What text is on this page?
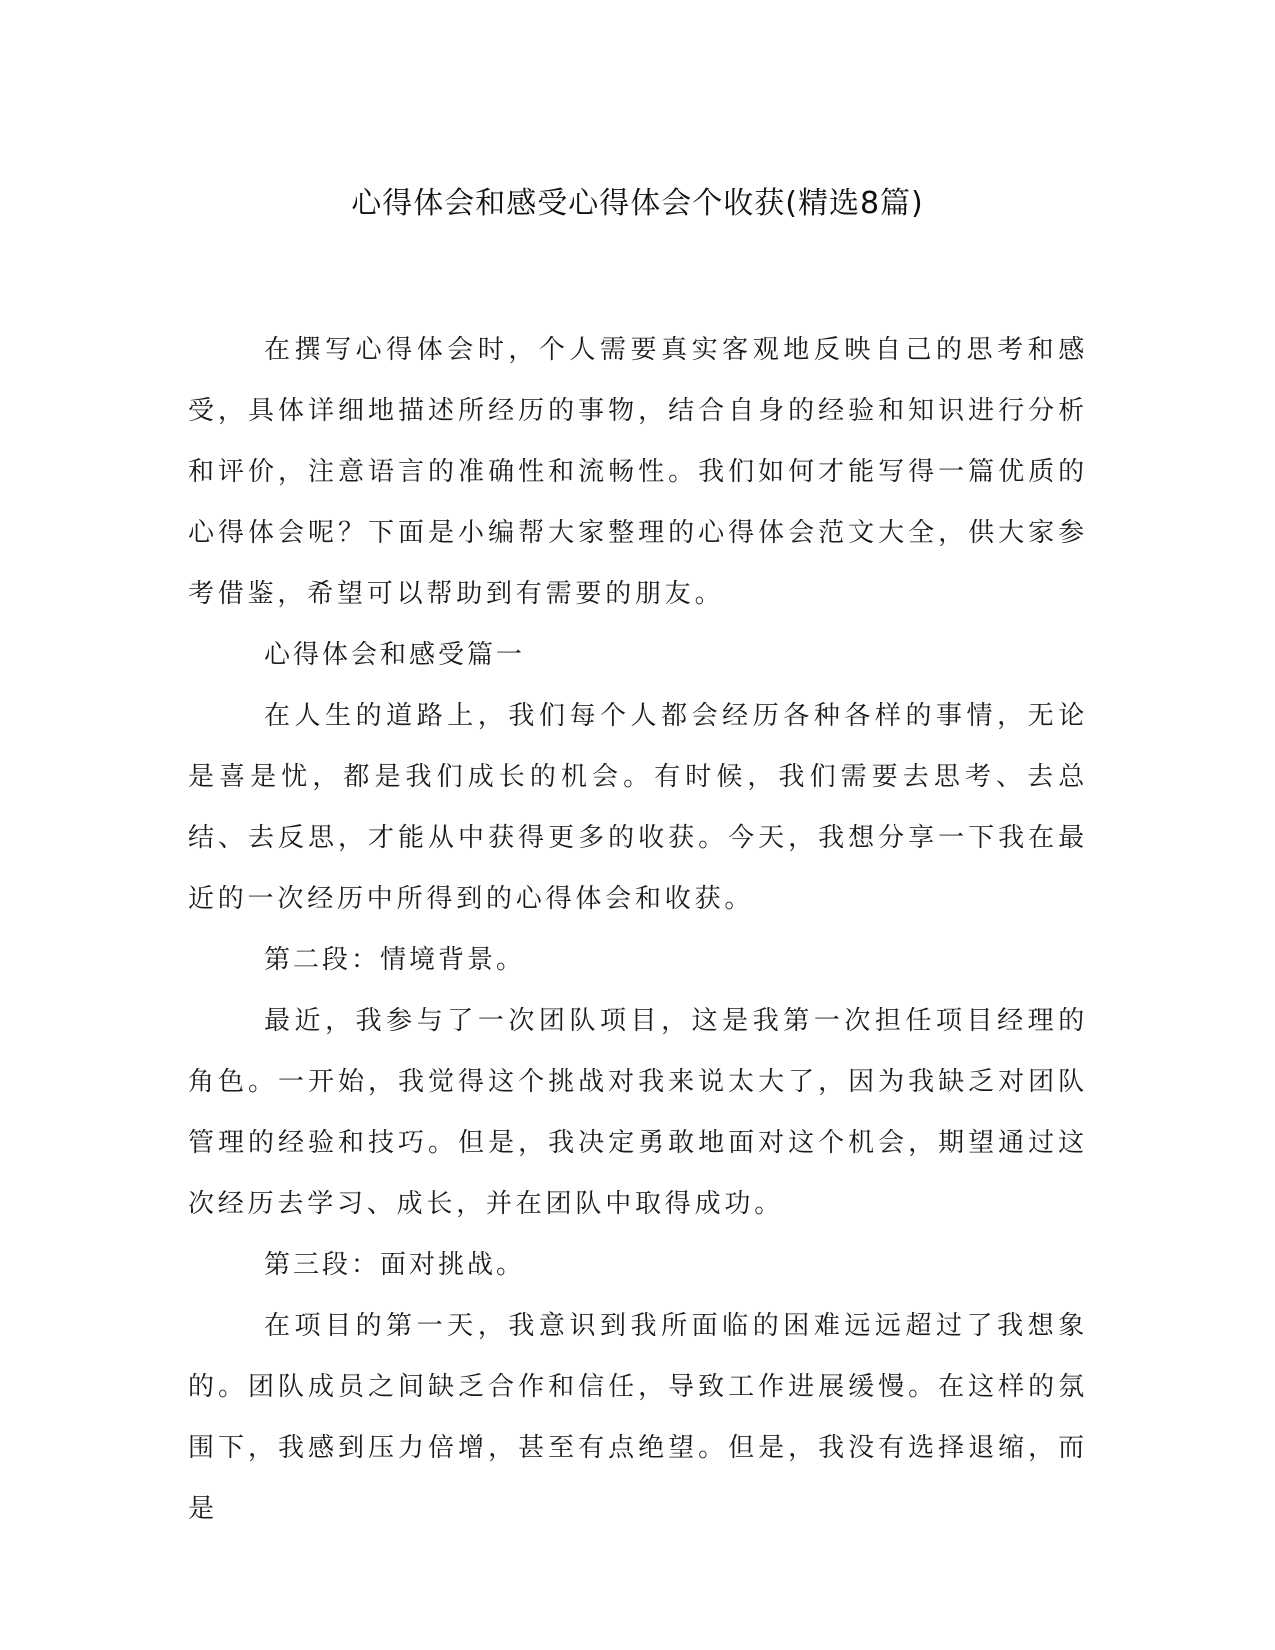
心得体会和感受心得体会个收获(精选8篇)

在撰写心得体会时，个人需要真实客观地反映自己的思考和感受，具体详细地描述所经历的事物，结合自身的经验和知识进行分析和评价，注意语言的准确性和流畅性。我们如何才能写得一篇优质的心得体会呢？下面是小编帮大家整理的心得体会范文大全，供大家参考借鉴，希望可以帮助到有需要的朋友。

心得体会和感受篇一

在人生的道路上，我们每个人都会经历各种各样的事情，无论是喜是忧，都是我们成长的机会。有时候，我们需要去思考、去总结、去反思，才能从中获得更多的收获。今天，我想分享一下我在最近的一次经历中所得到的心得体会和收获。

第二段：情境背景。

最近，我参与了一次团队项目，这是我第一次担任项目经理的角色。一开始，我觉得这个挑战对我来说太大了，因为我缺乏对团队管理的经验和技巧。但是，我决定勇敢地面对这个机会，期望通过这次经历去学习、成长，并在团队中取得成功。

第三段：面对挑战。

在项目的第一天，我意识到我所面临的困难远远超过了我想象的。团队成员之间缺乏合作和信任，导致工作进展缓慢。在这样的氛围下，我感到压力倍增，甚至有点绝望。但是，我没有选择退缩，而是
